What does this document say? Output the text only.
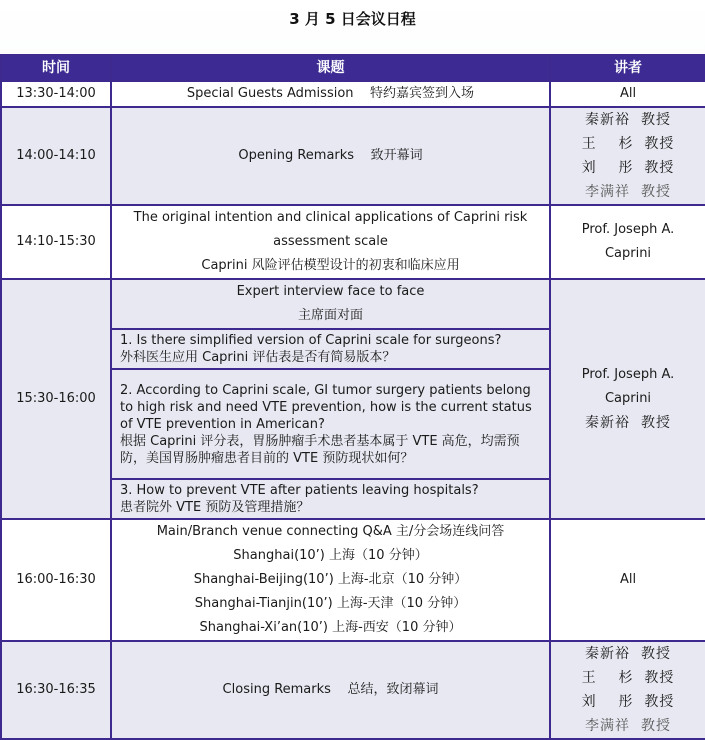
3 月 5 日会议日程
时间	课题	讲者
13:30-14:00	Special Guests Admission    特约嘉宾签到入场	All
14:00-14:10	Opening Remarks    致开幕词	秦新裕  教授
王    杉  教授
刘    彤  教授
李满祥  教授

14:10-15:30	The original intention and clinical applications of Caprini risk
assessment scale
Caprini 风险评估模型设计的初衷和临床应用	Prof. Joseph A.
Caprini

15:30-16:00	Expert interview face to face
主席面对面	Prof. Joseph A.
Caprini
秦新裕  教授

	1. Is there simplified version of Caprini scale for surgeons?
外科医生应用 Caprini 评估表是否有简易版本？	

	2. According to Caprini scale, GI tumor surgery patients belong to high risk and need VTE prevention, how is the current status of VTE prevention in American?
根据 Caprini 评分表，胃肠肿瘤手术患者基本属于 VTE 高危，均需预防，美国胃肠肿瘤患者目前的 VTE 预防现状如何？	

	3. How to prevent VTE after patients leaving hospitals?
患者院外 VTE 预防及管理措施？	

16:00-16:30	Main/Branch venue connecting Q&A 主/分会场连线问答
Shanghai(10’) 上海（10 分钟）
Shanghai-Beijing(10’) 上海-北京（10 分钟）
Shanghai-Tianjin(10’) 上海-天津（10 分钟）
Shanghai-Xi’an(10’) 上海-西安（10 分钟）	All
16:30-16:35	Closing Remarks    总结，致闭幕词	秦新裕  教授
王    杉  教授
刘    彤  教授
李满祥  教授
